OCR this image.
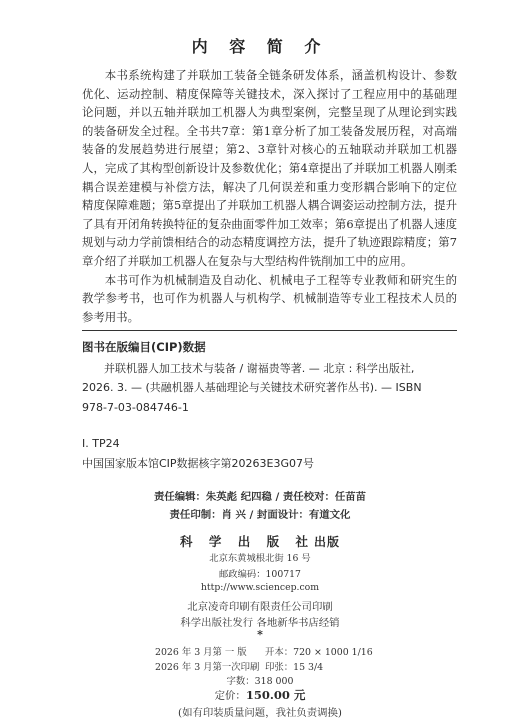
内 容 简 介

本书系统构建了并联加工装备全链条研发体系，涵盖机构设计、参数优化、运动控制、精度保障等关键技术，深入探讨了工程应用中的基础理论问题，并以五轴并联加工机器人为典型案例，完整呈现了从理论到实践的装备研发全过程。全书共7章：第1章分析了加工装备发展历程，对高端装备的发展趋势进行展望；第2、3章针对核心的五轴联动并联加工机器人，完成了其构型创新设计及参数优化；第4章提出了并联加工机器人刚柔耦合误差建模与补偿方法，解决了几何误差和重力变形耦合影响下的定位精度保障难题；第5章提出了并联加工机器人耦合调姿运动控制方法，提升了具有开闭角转换特征的复杂曲面零件加工效率；第6章提出了机器人速度规划与动力学前馈相结合的动态精度调控方法，提升了轨迹跟踪精度；第7章介绍了并联加工机器人在复杂与大型结构件铣削加工中的应用。

本书可作为机械制造及自动化、机械电子工程等专业教师和研究生的教学参考书，也可作为机器人与机构学、机械制造等专业工程技术人员的参考用书。

图书在版编目(CIP)数据
并联机器人加工技术与装备 / 谢福贵等著. — 北京 : 科学出版社,
2026. 3. — (共融机器人基础理论与关键技术研究著作丛书). — ISBN
978-7-03-084746-1
Ⅰ. TP24
中国国家版本馆CIP数据核字第20263E3G07号
责任编辑：朱英彪 纪四稳 / 责任校对：任苗苗
责任印制：肖 兴 / 封面设计：有道文化
科 学 出 版 社出版
北京东黄城根北街 16 号
邮政编码：100717
http://www.sciencep.com
北京凌奇印刷有限责任公司印刷
科学出版社发行 各地新华书店经销
*
2026 年 3 月第 一 版 开本：720 × 1000 1/16
2026 年 3 月第一次印刷 印张：15 3/4
字数：318 000
定价：150.00 元
(如有印装质量问题，我社负责调换)
